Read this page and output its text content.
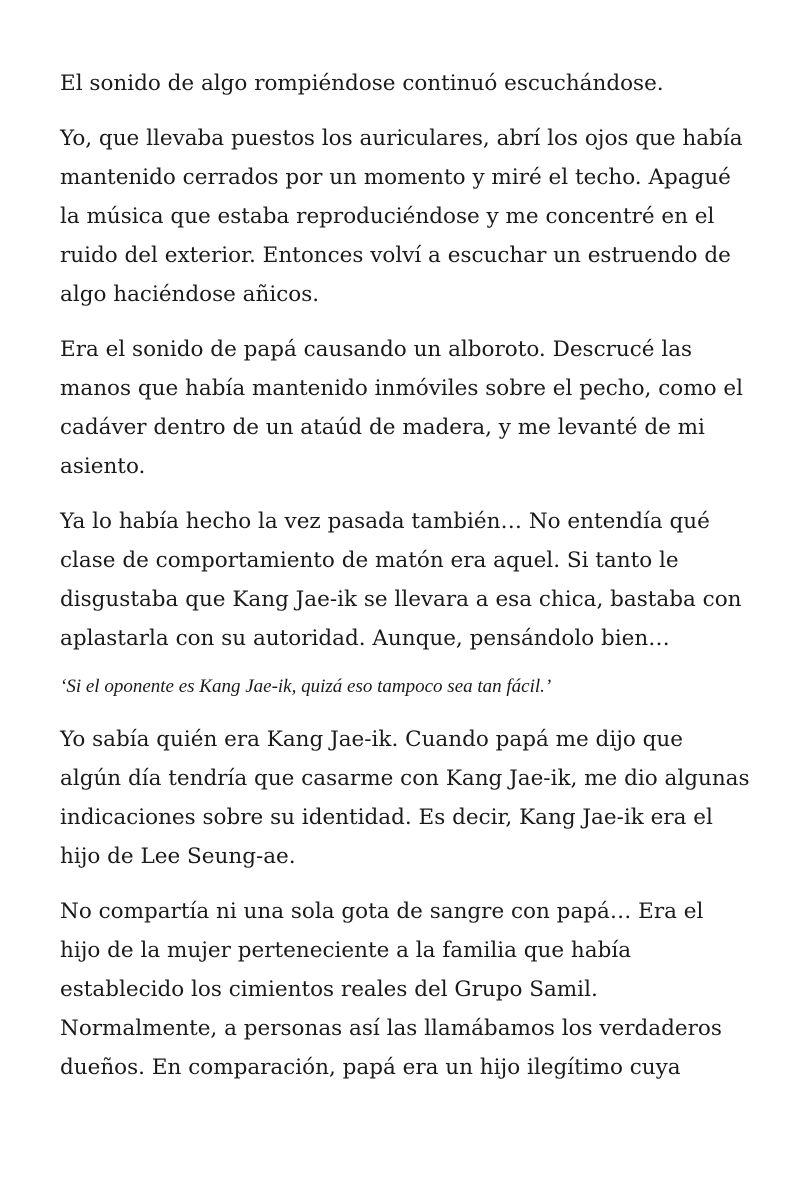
El sonido de algo rompiéndose continuó escuchándose.

Yo, que llevaba puestos los auriculares, abrí los ojos que había mantenido cerrados por un momento y miré el techo. Apagué la música que estaba reproduciéndose y me concentré en el ruido del exterior. Entonces volví a escuchar un estruendo de algo haciéndose añicos.

Era el sonido de papá causando un alboroto. Descrucé las manos que había mantenido inmóviles sobre el pecho, como el cadáver dentro de un ataúd de madera, y me levanté de mi asiento.

Ya lo había hecho la vez pasada también… No entendía qué clase de comportamiento de matón era aquel. Si tanto le disgustaba que Kang Jae-ik se llevara a esa chica, bastaba con aplastarla con su autoridad. Aunque, pensándolo bien…

‘Si el oponente es Kang Jae-ik, quizá eso tampoco sea tan fácil.’

Yo sabía quién era Kang Jae-ik. Cuando papá me dijo que algún día tendría que casarme con Kang Jae-ik, me dio algunas indicaciones sobre su identidad. Es decir, Kang Jae-ik era el hijo de Lee Seung-ae.

No compartía ni una sola gota de sangre con papá… Era el hijo de la mujer perteneciente a la familia que había establecido los cimientos reales del Grupo Samil. Normalmente, a personas así las llamábamos los verdaderos dueños. En comparación, papá era un hijo ilegítimo cuya
